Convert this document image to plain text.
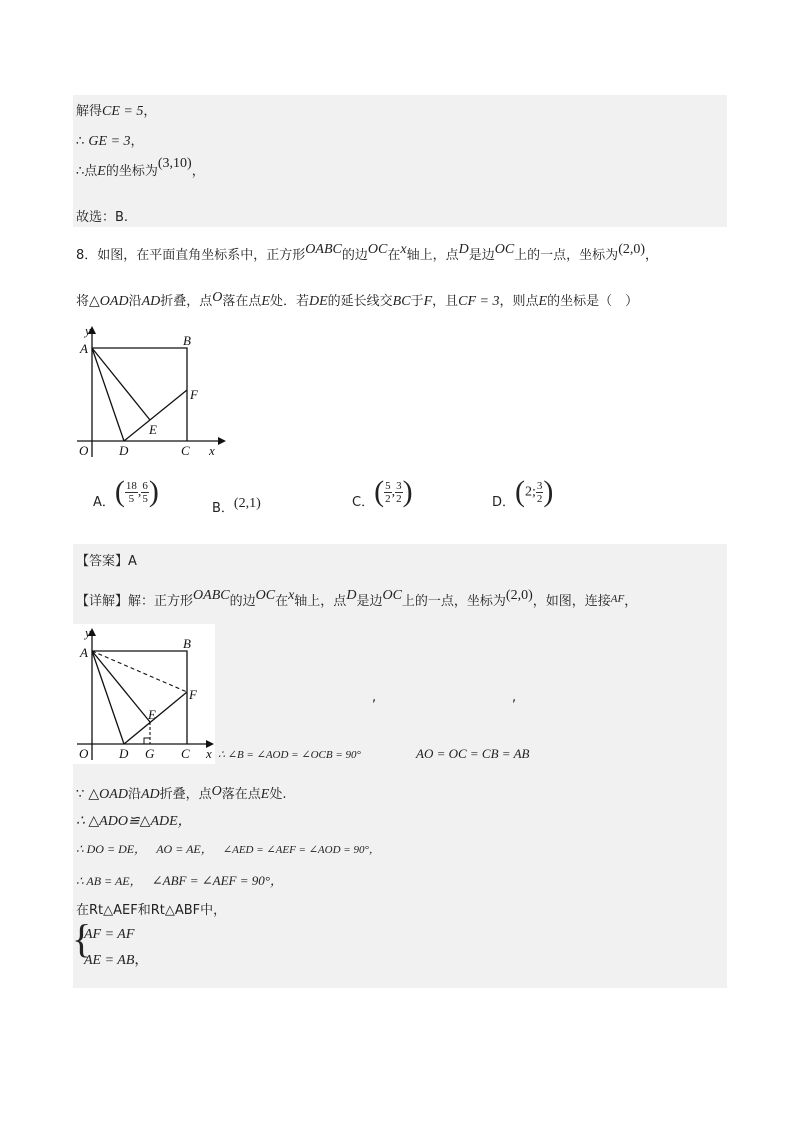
解得CE = 5，
∴ GE = 3，
∴点E的坐标为(3,10)，
故选：B.
8．如图，在平面直角坐标系中，正方形OABC的边OC在x轴上，点D是边OC上的一点，坐标为(2,0)，
将△OAD沿AD折叠，点O落在点E处．若DE的延长线交BC于F，且CF = 3，则点E的坐标是（　）
y
A
B
F
E
O D	C x
A．( $\frac{18}{5}$ , $\frac{6}{5}$ )
B．(2,1)	C．( $\frac{5}{2}$ , $\frac{3}{2}$ )	D．(2; $\frac{3}{2}$ )
【答案】A
【详解】解：正方形OABC的边OC在x轴上，点D是边OC上的一点，坐标为(2,0)，如图，连接$^{AF}$，
y
A
B
F
E
O D G C x
,	,
∴ ∠B = ∠AOD = ∠OCB = 90°	AO = OC = CB = AB
∵ △OAD沿AD折叠，点O落在点E处.
∴ △ADO≌△ADE，
∴ DO = DE， AO = AE， ∠AED = ∠AEF = ∠AOD = 90°，
∴ AB = AE， ∠ABF = ∠AEF = 90°，
在Rt△AEF和Rt△ABF中，
{
AF = AF
AE = AB，
